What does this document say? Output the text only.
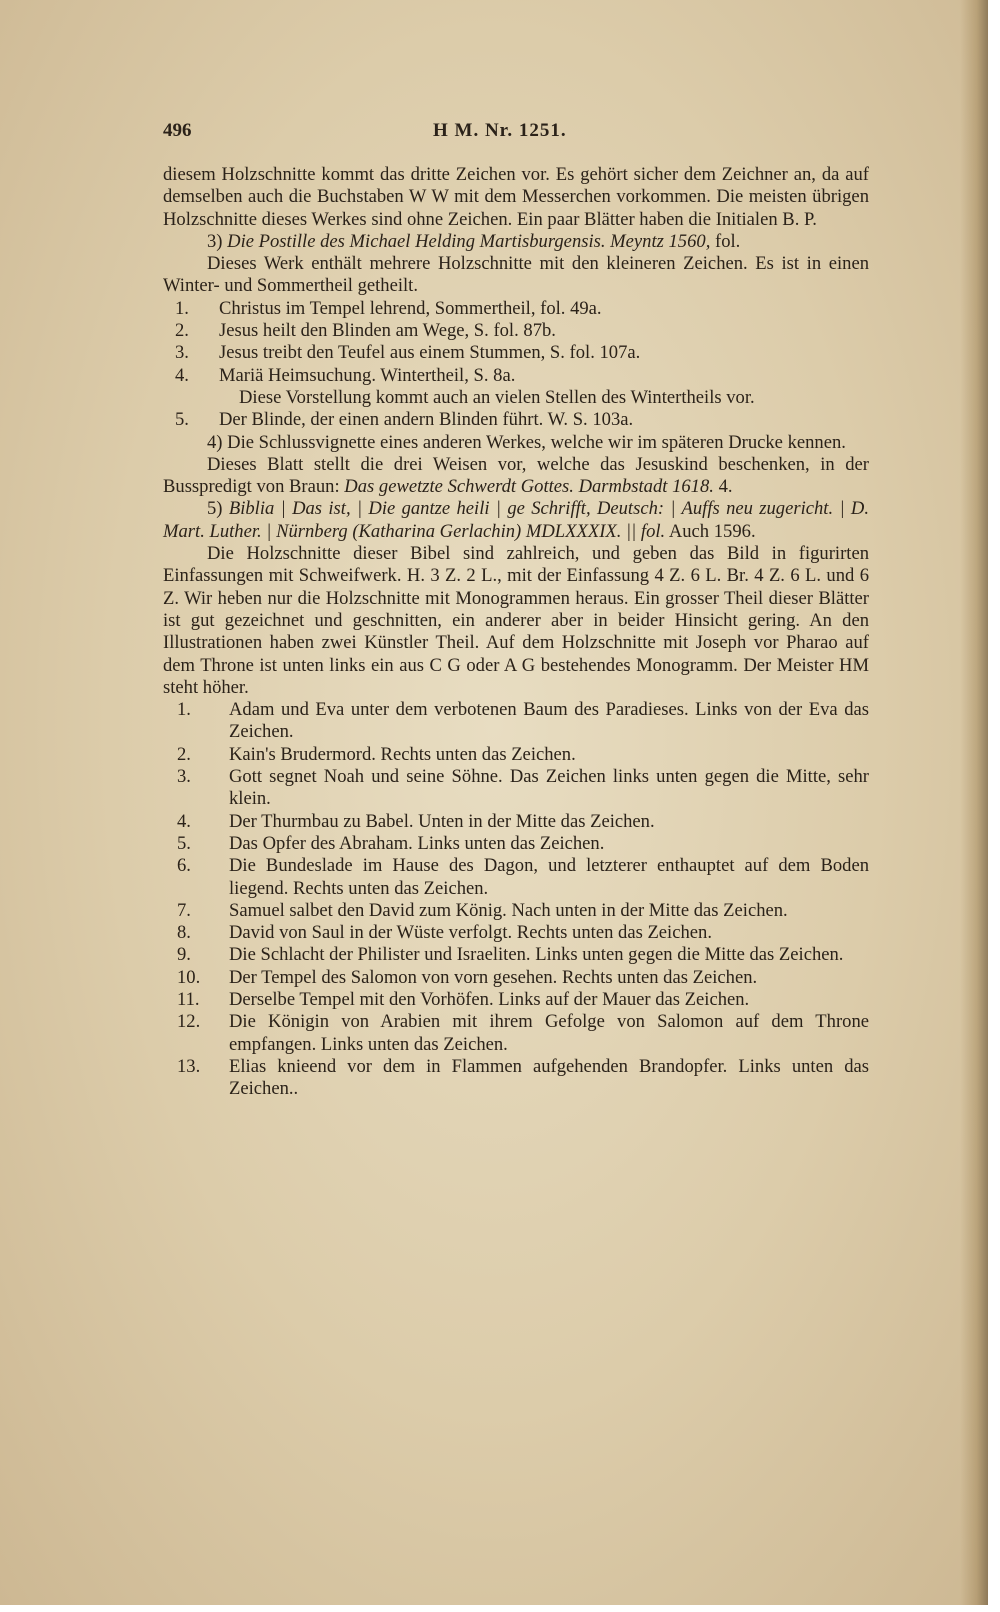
496	H M. Nr. 1251.

diesem Holzschnitte kommt das dritte Zeichen vor. Es gehört sicher dem Zeichner an, da auf demselben auch die Buchstaben W W mit dem Messerchen vorkommen. Die meisten übrigen Holzschnitte dieses Werkes sind ohne Zeichen. Ein paar Blätter haben die Initialen B. P.

3) Die Postille des Michael Helding Martisburgensis. Meyntz 1560, fol.

Dieses Werk enthält mehrere Holzschnitte mit den kleineren Zeichen. Es ist in einen Winter- und Sommertheil getheilt.

1.	Christus im Tempel lehrend, Sommertheil, fol. 49a.
2.	Jesus heilt den Blinden am Wege, S. fol. 87b.
3.	Jesus treibt den Teufel aus einem Stummen, S. fol. 107a.
4.	Mariä Heimsuchung. Wintertheil, S. 8a.

Diese Vorstellung kommt auch an vielen Stellen des Wintertheils vor.

5.	Der Blinde, der einen andern Blinden führt. W. S. 103a.

4) Die Schlussvignette eines anderen Werkes, welche wir im späteren Drucke kennen.

Dieses Blatt stellt die drei Weisen vor, welche das Jesuskind beschenken, in der Busspredigt von Braun: Das gewetzte Schwerdt Gottes. Darmbstadt 1618. 4.

5) Biblia | Das ist, | Die gantze heili | ge Schrifft, Deutsch: | Auffs neu zugericht. | D. Mart. Luther. | Nürnberg (Katharina Gerlachin) MDLXXXIX. || fol. Auch 1596.

Die Holzschnitte dieser Bibel sind zahlreich, und geben das Bild in figurirten Einfassungen mit Schweifwerk. H. 3 Z. 2 L., mit der Einfassung 4 Z. 6 L. Br. 4 Z. 6 L. und 6 Z. Wir heben nur die Holzschnitte mit Monogrammen heraus. Ein grosser Theil dieser Blätter ist gut gezeichnet und geschnitten, ein anderer aber in beider Hinsicht gering. An den Illustrationen haben zwei Künstler Theil. Auf dem Holzschnitte mit Joseph vor Pharao auf dem Throne ist unten links ein aus C G oder A G bestehendes Monogramm. Der Meister HM steht höher.

1.	Adam und Eva unter dem verbotenen Baum des Paradieses. Links von der Eva das Zeichen.
2.	Kain's Brudermord. Rechts unten das Zeichen.
3.	Gott segnet Noah und seine Söhne. Das Zeichen links unten gegen die Mitte, sehr klein.
4.	Der Thurmbau zu Babel. Unten in der Mitte das Zeichen.
5.	Das Opfer des Abraham. Links unten das Zeichen.
6.	Die Bundeslade im Hause des Dagon, und letzterer enthauptet auf dem Boden liegend. Rechts unten das Zeichen.
7.	Samuel salbet den David zum König. Nach unten in der Mitte das Zeichen.
8.	David von Saul in der Wüste verfolgt. Rechts unten das Zeichen.
9.	Die Schlacht der Philister und Israeliten. Links unten gegen die Mitte das Zeichen.
10.	Der Tempel des Salomon von vorn gesehen. Rechts unten das Zeichen.
11.	Derselbe Tempel mit den Vorhöfen. Links auf der Mauer das Zeichen.
12.	Die Königin von Arabien mit ihrem Gefolge von Salomon auf dem Throne empfangen. Links unten das Zeichen.
13.	Elias knieend vor dem in Flammen aufgehenden Brandopfer. Links unten das Zeichen..
